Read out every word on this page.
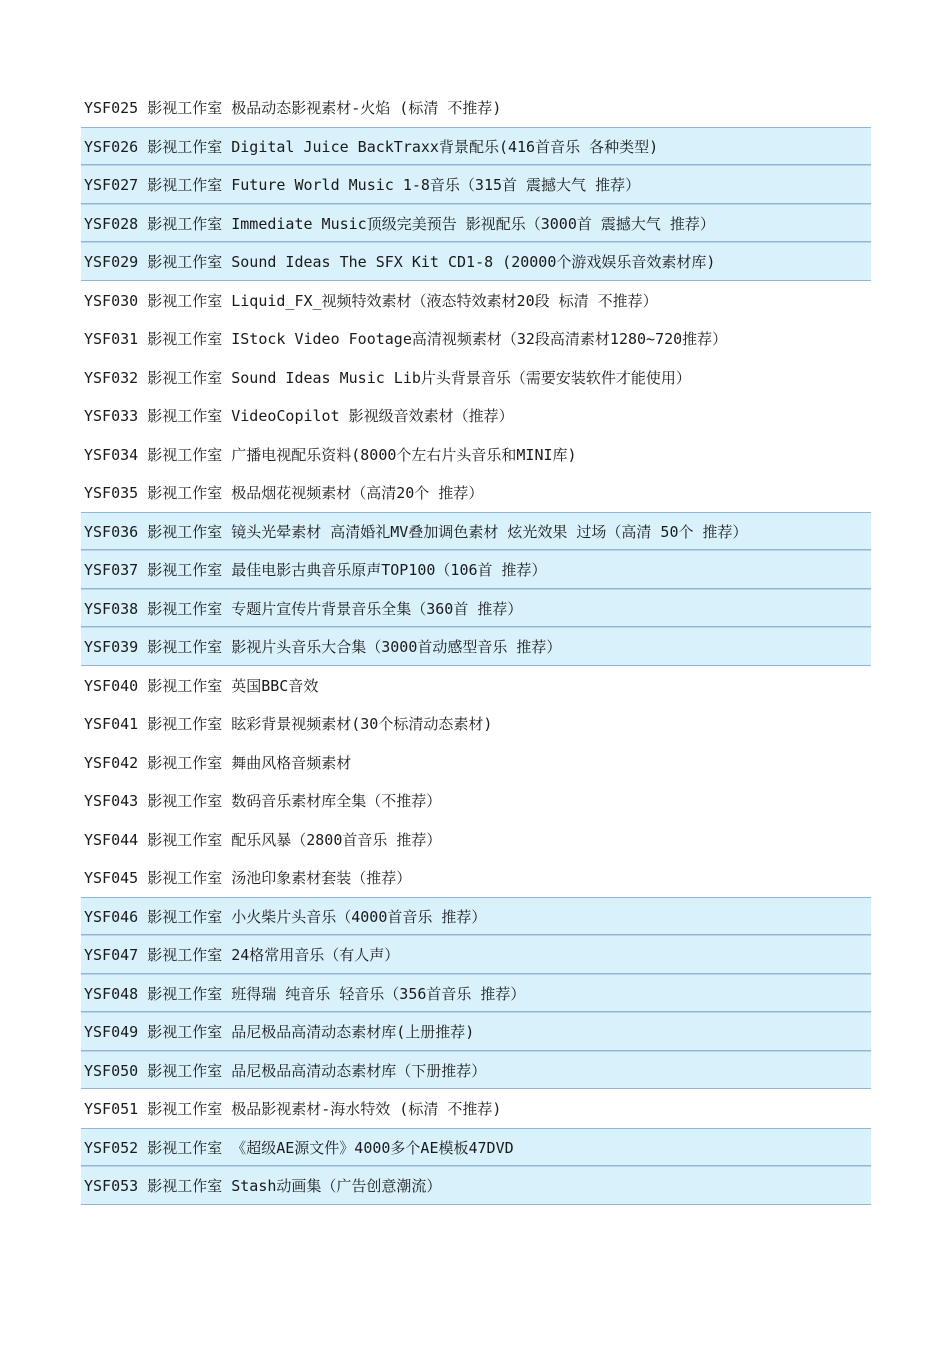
YSF025 影视工作室 极品动态影视素材-火焰 (标清 不推荐)
YSF026 影视工作室 Digital Juice BackTraxx背景配乐(416首音乐 各种类型)
YSF027 影视工作室 Future World Music 1-8音乐（315首 震撼大气 推荐）
YSF028 影视工作室 Immediate Music顶级完美预告 影视配乐（3000首 震撼大气 推荐）
YSF029 影视工作室 Sound Ideas The SFX Kit CD1-8 (20000个游戏娱乐音效素材库)
YSF030 影视工作室 Liquid_FX_视频特效素材（液态特效素材20段 标清 不推荐）
YSF031 影视工作室 IStock Video Footage高清视频素材（32段高清素材1280~720推荐）
YSF032 影视工作室 Sound Ideas Music Lib片头背景音乐（需要安装软件才能使用）
YSF033 影视工作室 VideoCopilot 影视级音效素材（推荐）
YSF034 影视工作室 广播电视配乐资料(8000个左右片头音乐和MINI库)
YSF035 影视工作室 极品烟花视频素材（高清20个 推荐）
YSF036 影视工作室 镜头光晕素材 高清婚礼MV叠加调色素材 炫光效果 过场（高清 50个 推荐）
YSF037 影视工作室 最佳电影古典音乐原声TOP100（106首 推荐）
YSF038 影视工作室 专题片宣传片背景音乐全集（360首 推荐）
YSF039 影视工作室 影视片头音乐大合集（3000首动感型音乐 推荐）
YSF040 影视工作室 英国BBC音效
YSF041 影视工作室 眩彩背景视频素材(30个标清动态素材)
YSF042 影视工作室 舞曲风格音频素材
YSF043 影视工作室 数码音乐素材库全集（不推荐）
YSF044 影视工作室 配乐风暴（2800首音乐 推荐）
YSF045 影视工作室 汤池印象素材套装（推荐）
YSF046 影视工作室 小火柴片头音乐（4000首音乐 推荐）
YSF047 影视工作室 24格常用音乐（有人声）
YSF048 影视工作室 班得瑞 纯音乐 轻音乐（356首音乐 推荐）
YSF049 影视工作室 品尼极品高清动态素材库(上册推荐)
YSF050 影视工作室 品尼极品高清动态素材库（下册推荐）
YSF051 影视工作室 极品影视素材-海水特效 (标清 不推荐)
YSF052 影视工作室 《超级AE源文件》4000多个AE模板47DVD
YSF053 影视工作室 Stash动画集（广告创意潮流）
